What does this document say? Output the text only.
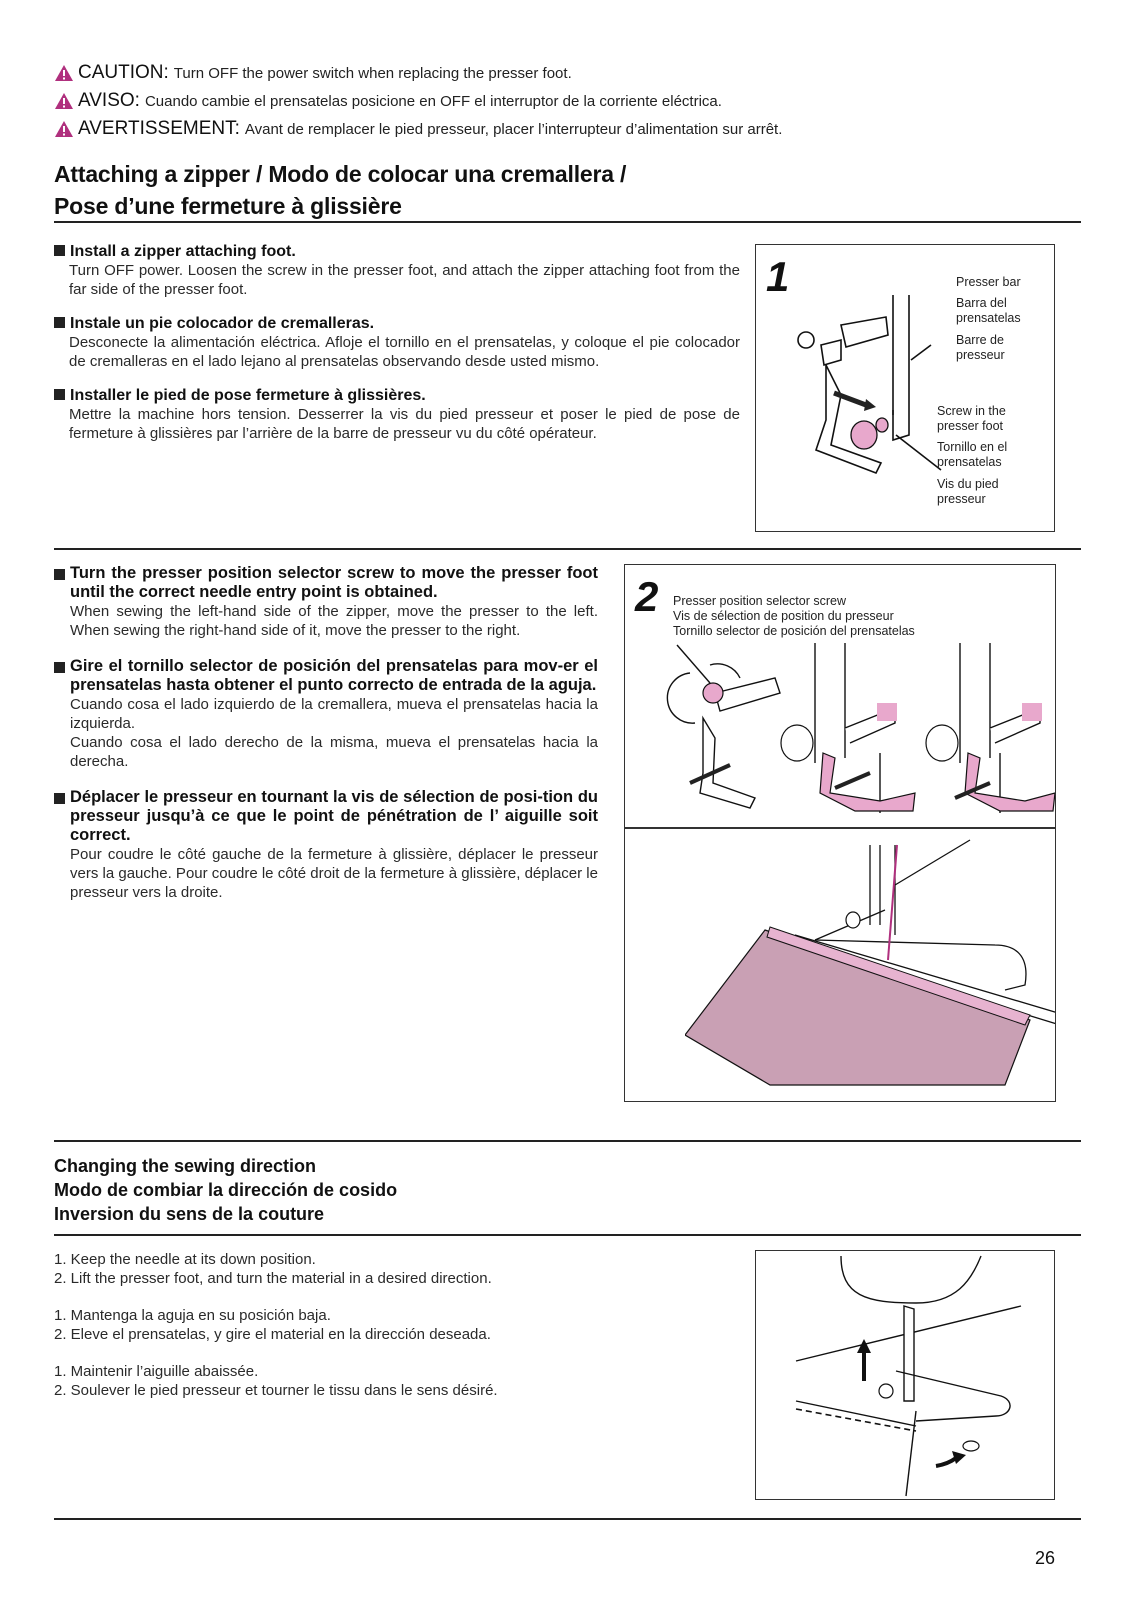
CAUTION: Turn OFF the power switch when replacing the presser foot.
AVISO: Cuando cambie el prensatelas posicione en OFF el interruptor de la corriente eléctrica.
AVERTISSEMENT: Avant de remplacer le pied presseur, placer l’interrupteur d’alimentation sur arrêt.
Attaching a zipper / Modo de colocar una cremallera /
Pose d’une fermeture à glissière
Install a zipper attaching foot.
Turn OFF power. Loosen the screw in the presser foot, and attach the zipper attaching foot from the far side of the presser foot.
Instale un pie colocador de cremalleras.
Desconecte la alimentación eléctrica. Afloje el tornillo en el prensatelas, y coloque el pie colocador de cremalleras en el lado lejano al prensatelas observando desde usted mismo.
Installer le pied de pose fermeture à glissières.
Mettre la machine hors tension. Desserrer la vis du pied presseur et poser le pied de pose de fermeture à glissières par l’arrière de la barre de presseur vu du côté opérateur.
1	Presser bar
Barra del prensatelas
Barre de presseur
Screw in the presser foot
Tornillo en el prensatelas
Vis du pied presseur
Turn the presser position selector screw to move the presser foot until the correct needle entry point is obtained.
When sewing the left-hand side of the zipper, move the presser to the left. When sewing the right-hand side of it, move the presser to the right.
Gire el tornillo selector de posición del prensatelas para mov-er el prensatelas hasta obtener el punto correcto de entrada de la aguja.
Cuando cosa el lado izquierdo de la cremallera, mueva el prensatelas hacia la izquierda.
Cuando cosa el lado derecho de la misma, mueva el prensatelas hacia la derecha.
Déplacer le presseur en tournant la vis de sélection de posi-tion du presseur jusqu’à ce que le point de pénétration de l’ aiguille soit correct.
Pour coudre le côté gauche de la fermeture à glissière, déplacer le presseur vers la gauche. Pour coudre le côté droit de la fermeture à glissière, déplacer le presseur vers la droite.
2 Presser position selector screw
Vis de sélection de position du presseur
Tornillo selector de posición del prensatelas
Changing the sewing direction
Modo de combiar la dirección de cosido
Inversion du sens de la couture
1. Keep the needle at its down position.
2. Lift the presser foot, and turn the material in a desired direction.
1. Mantenga la aguja en su posición baja.
2. Eleve el prensatelas, y gire el material en la dirección deseada.
1. Maintenir l’aiguille abaissée.
2. Soulever le pied presseur et tourner le tissu dans le sens désiré.
26
